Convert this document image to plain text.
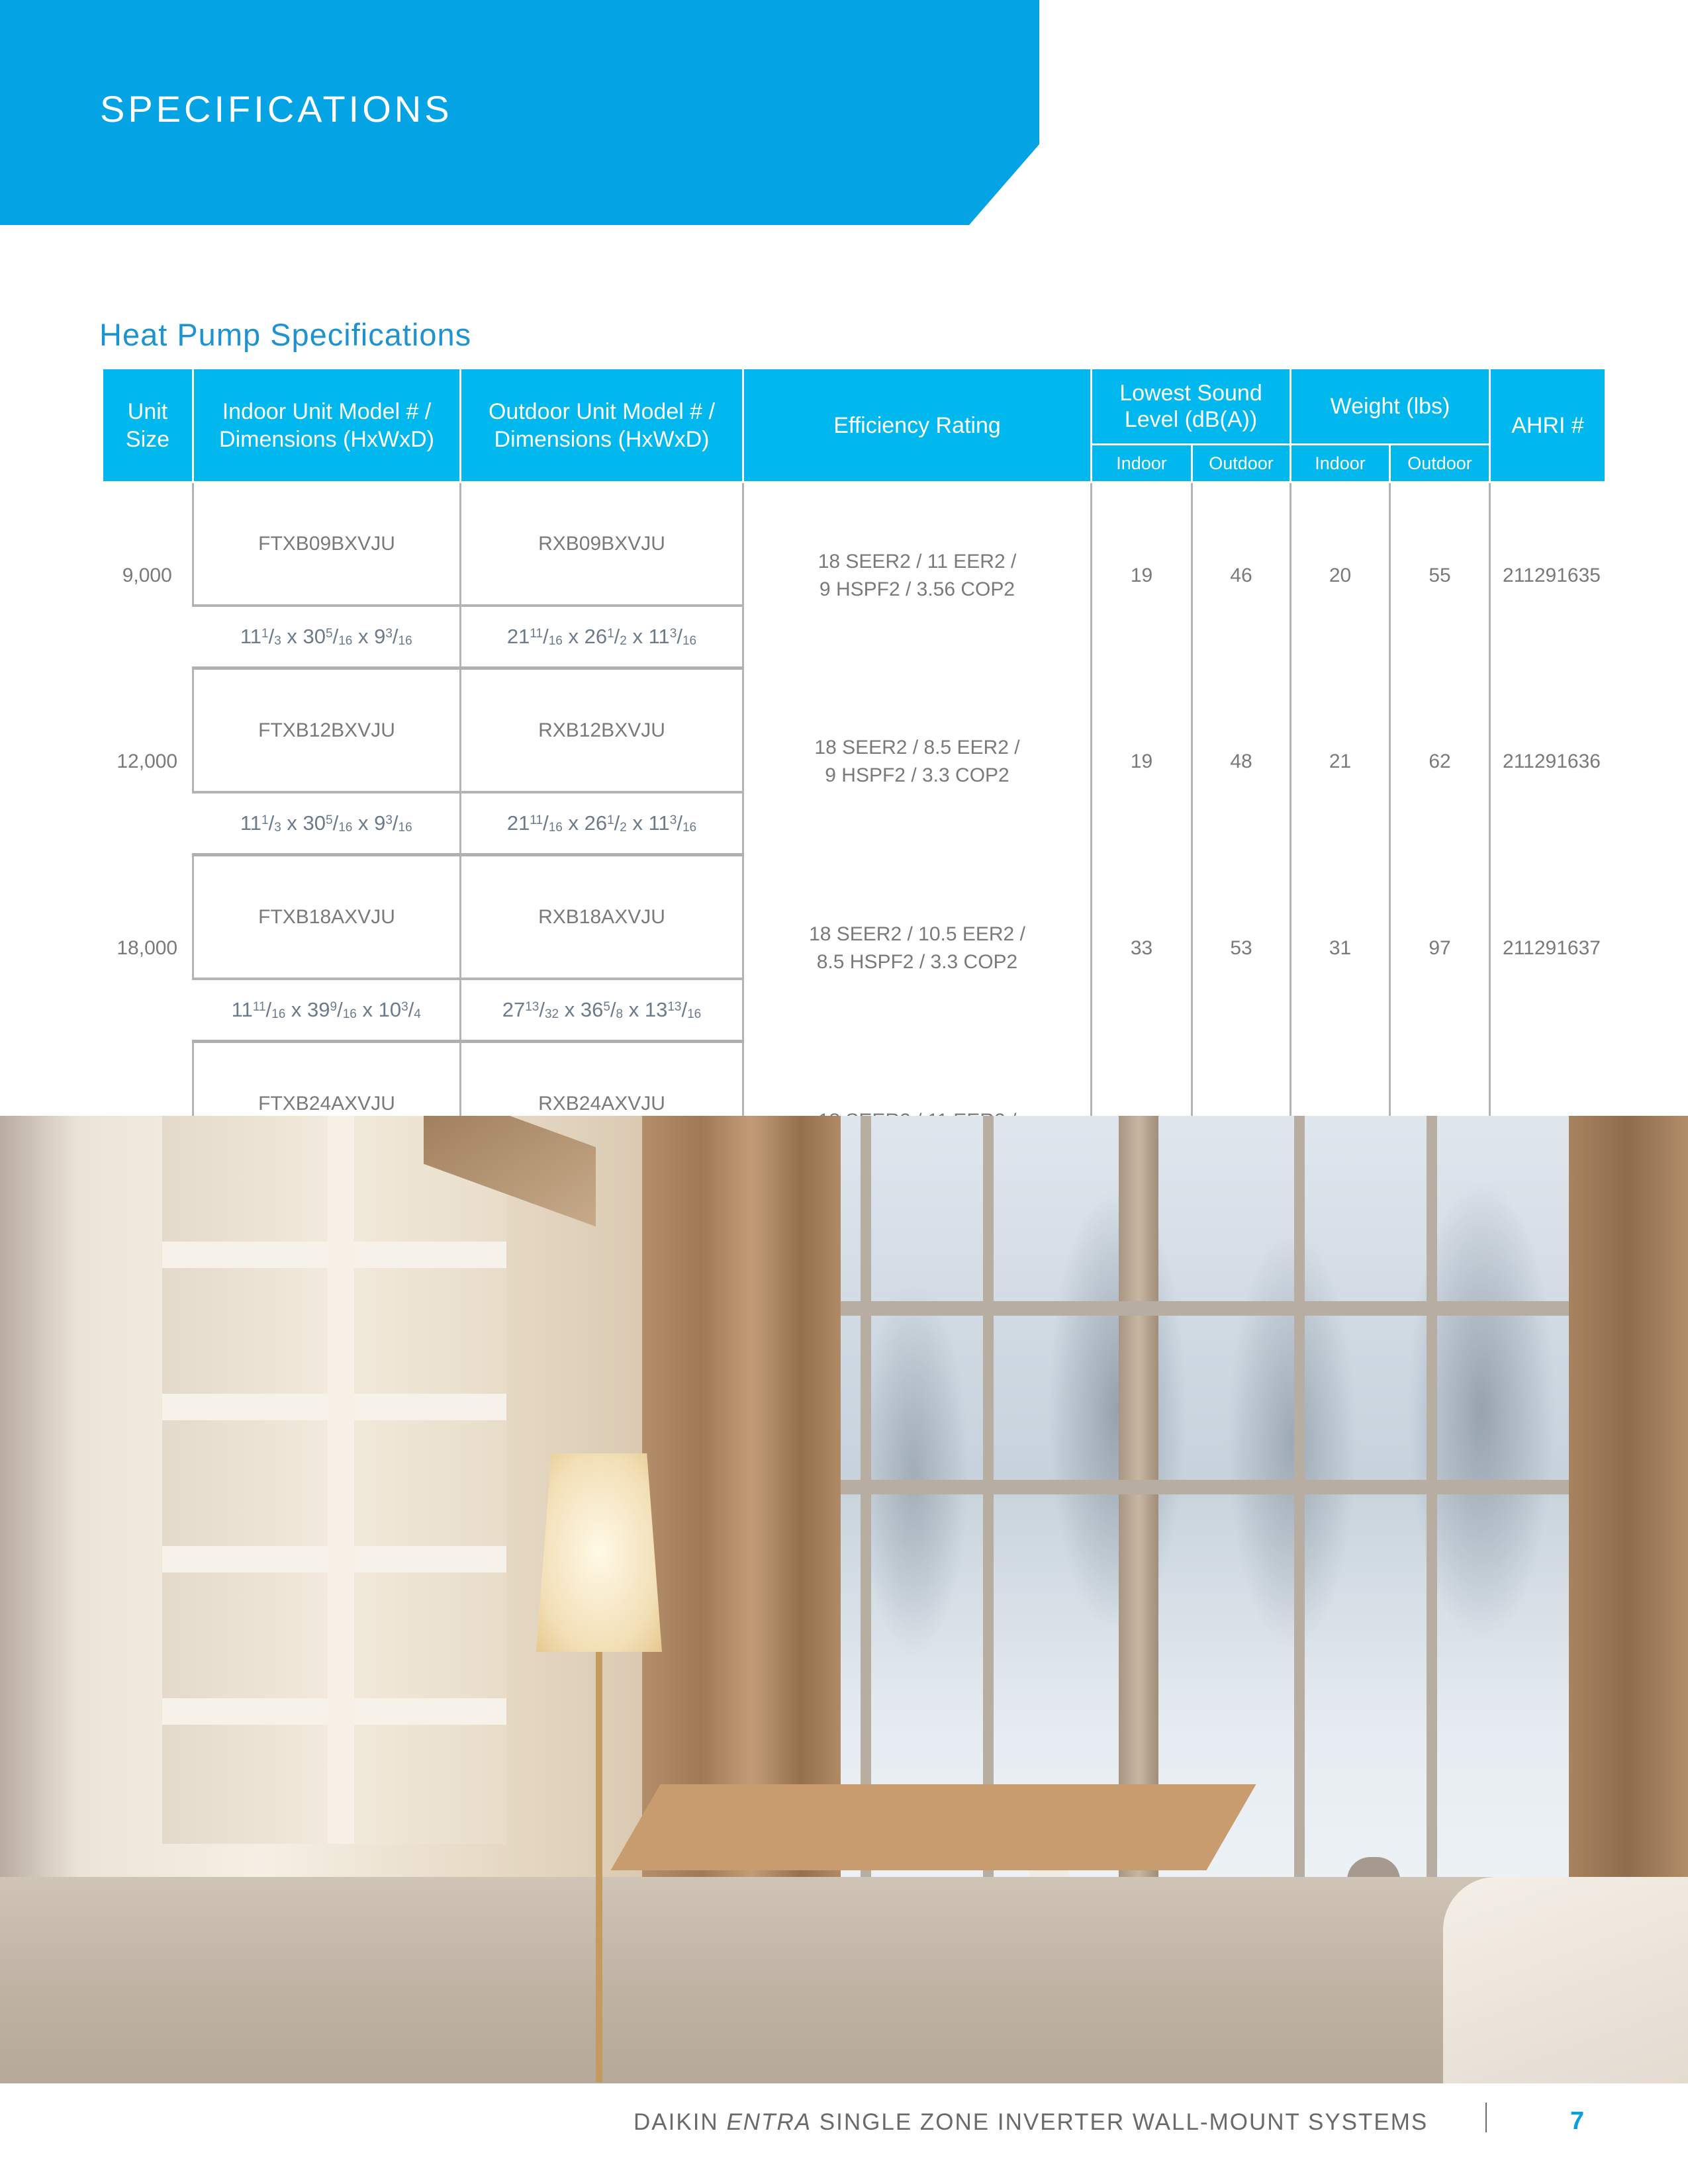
SPECIFICATIONS
Heat Pump Specifications
Unit Size	Indoor Unit Model # / Dimensions (HxWxD)	Outdoor Unit Model # / Dimensions (HxWxD)	Efficiency Rating	Lowest Sound Level (dB(A))		Weight (lbs)		AHRI #
				Indoor	Outdoor	Indoor	Outdoor	
9,000	FTXB09BXVJU	RXB09BXVJU	18 SEER2 / 11 EER2 /
9 HSPF2 / 3.56 COP2	19	46	20	55	211291635
	$11^1/_3$ x $30^5/_{16}$ x $9^3/_{16}$	$21^{11}/_{16}$ x $26^1/_2$ x $11^3/_{16}$
12,000	FTXB12BXVJU	RXB12BXVJU	18 SEER2 / 8.5 EER2 /
9 HSPF2 / 3.3 COP2	19	48	21	62	211291636
	$11^1/_3$ x $30^5/_{16}$ x $9^3/_{16}$	$21^{11}/_{16}$ x $26^1/_2$ x $11^3/_{16}$
18,000	FTXB18AXVJU	RXB18AXVJU	18 SEER2 / 10.5 EER2 /
8.5 HSPF2 / 3.3 COP2	33	53	31	97	211291637
	$11^{11}/_{16}$ x $39^9/_{16}$ x $10^3/_4$	$27^{13}/_{32}$ x $36^5/_8$ x $13^{13}/_{16}$
	FTXB24AXVJU	RXB24AXVJU	

DAIKIN ENTRA SINGLE ZONE INVERTER WALL-MOUNT SYSTEMS	7
